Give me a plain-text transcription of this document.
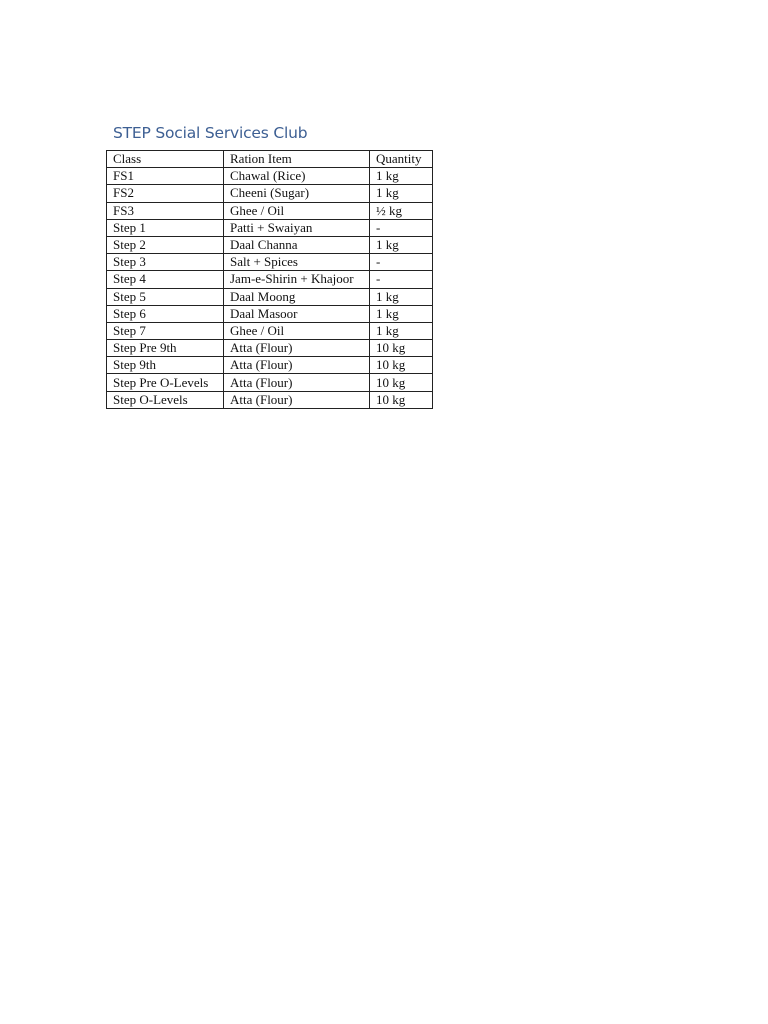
STEP Social Services Club
Class	Ration Item	Quantity
FS1	Chawal (Rice)	1 kg
FS2	Cheeni (Sugar)	1 kg
FS3	Ghee / Oil	½ kg
Step 1	Patti + Swaiyan	-
Step 2	Daal Channa	1 kg
Step 3	Salt + Spices	-
Step 4	Jam-e-Shirin + Khajoor	-
Step 5	Daal Moong	1 kg
Step 6	Daal Masoor	1 kg
Step 7	Ghee / Oil	1 kg
Step Pre 9th	Atta (Flour)	10 kg
Step 9th	Atta (Flour)	10 kg
Step Pre O-Levels	Atta (Flour)	10 kg
Step O-Levels	Atta (Flour)	10 kg
